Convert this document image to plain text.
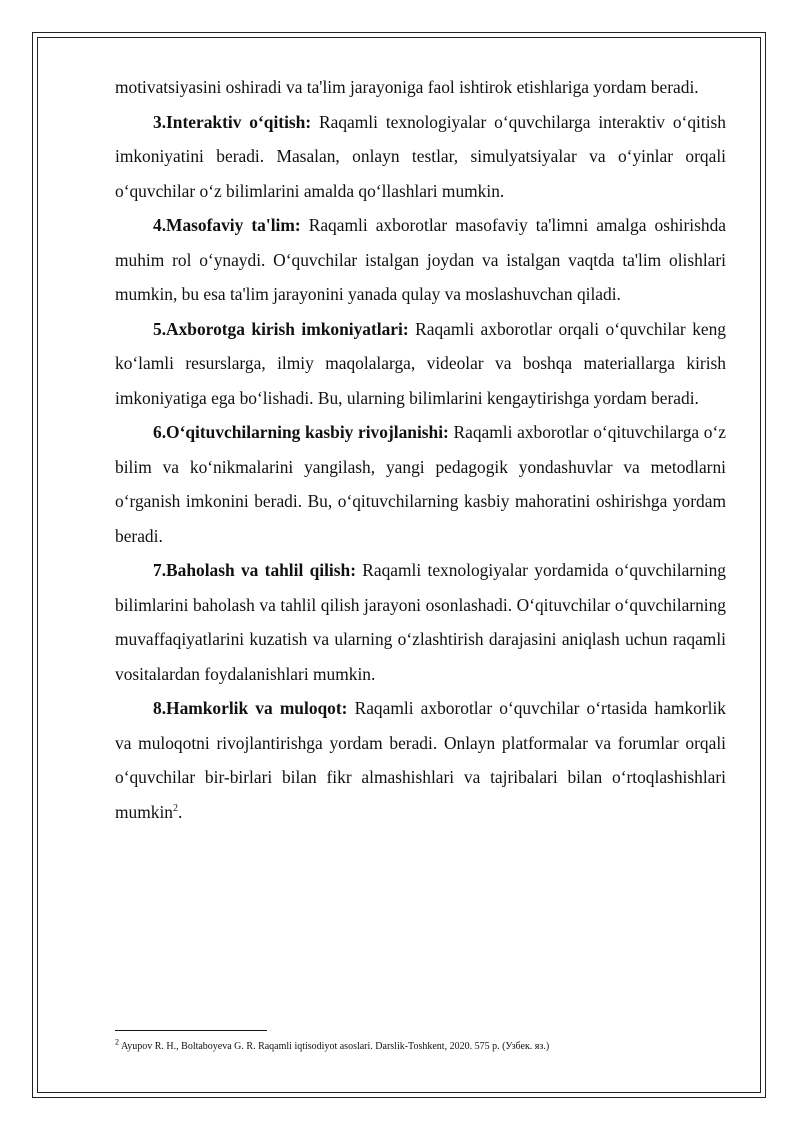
motivatsiyasini oshiradi va ta'lim jarayoniga faol ishtirok etishlariga yordam beradi.

3.Interaktiv o‘qitish: Raqamli texnologiyalar o‘quvchilarga interaktiv o‘qitish imkoniyatini beradi. Masalan, onlayn testlar, simulyatsiyalar va o‘yinlar orqali o‘quvchilar o‘z bilimlarini amalda qo‘llashlari mumkin.

4.Masofaviy ta'lim: Raqamli axborotlar masofaviy ta'limni amalga oshirishda muhim rol o‘ynaydi. O‘quvchilar istalgan joydan va istalgan vaqtda ta'lim olishlari mumkin, bu esa ta'lim jarayonini yanada qulay va moslashuvchan qiladi.

5.Axborotga kirish imkoniyatlari: Raqamli axborotlar orqali o‘quvchilar keng ko‘lamli resurslarga, ilmiy maqolalarga, videolar va boshqa materiallarga kirish imkoniyatiga ega bo‘lishadi. Bu, ularning bilimlarini kengaytirishga yordam beradi.

6.O‘qituvchilarning kasbiy rivojlanishi: Raqamli axborotlar o‘qituvchilarga o‘z bilim va ko‘nikmalarini yangilash, yangi pedagogik yondashuvlar va metodlarni o‘rganish imkonini beradi. Bu, o‘qituvchilarning kasbiy mahoratini oshirishga yordam beradi.

7.Baholash va tahlil qilish: Raqamli texnologiyalar yordamida o‘quvchilarning bilimlarini baholash va tahlil qilish jarayoni osonlashadi. O‘qituvchilar o‘quvchilarning muvaffaqiyatlarini kuzatish va ularning o‘zlashtirish darajasini aniqlash uchun raqamli vositalardan foydalanishlari mumkin.

8.Hamkorlik va muloqot: Raqamli axborotlar o‘quvchilar o‘rtasida hamkorlik va muloqotni rivojlantirishga yordam beradi. Onlayn platformalar va forumlar orqali o‘quvchilar bir-birlari bilan fikr almashishlari va tajribalari bilan o‘rtoqlashishlari mumkin$^2$.

$^2$ Ayupov R. H., Boltaboyeva G. R. Raqamli iqtisodiyot asoslari. Darslik-Toshkent, 2020. 575 p. (Узбек. яз.)
